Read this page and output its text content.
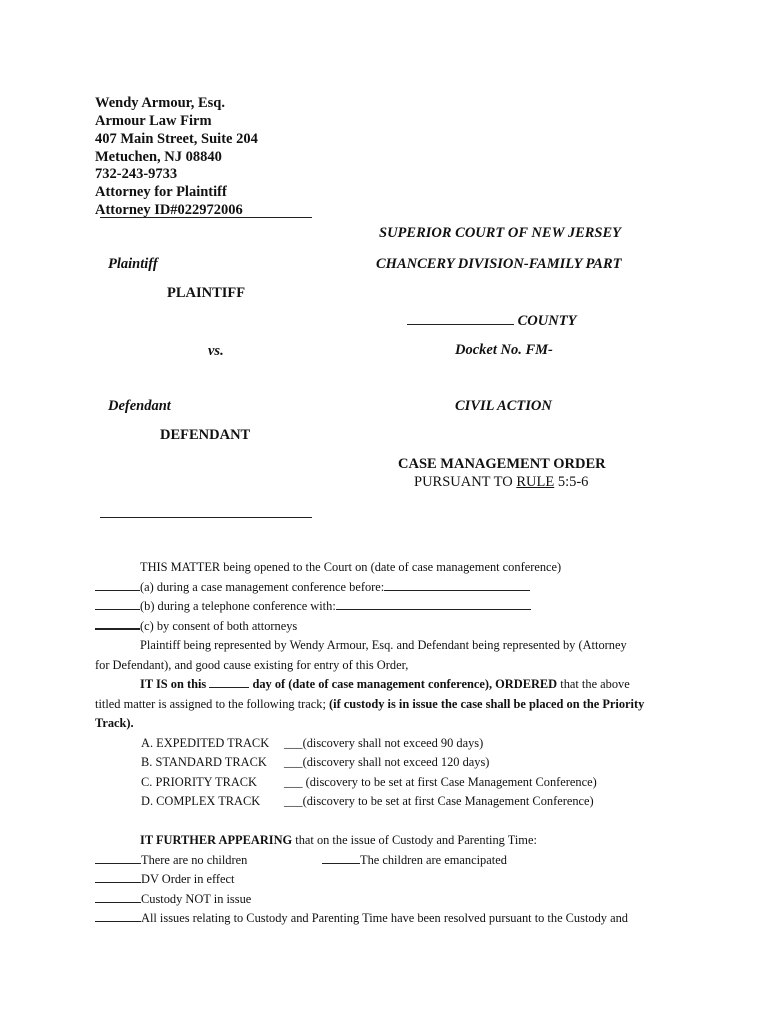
Wendy Armour, Esq.
Armour Law Firm
407 Main Street, Suite 204
Metuchen, NJ 08840
732-243-9733
Attorney for Plaintiff
Attorney ID#022972006
SUPERIOR COURT OF NEW JERSEY
CHANCERY DIVISION-FAMILY PART
COUNTY
Docket No. FM-
CIVIL ACTION
Plaintiff
PLAINTIFF
vs.
Defendant
DEFENDANT
CASE MANAGEMENT ORDER
PURSUANT TO RULE 5:5-6
THIS MATTER being opened to the Court on (date of case management conference)
(a) during a case management conference before:
(b) during a telephone conference with:
(c) by consent of both attorneys
Plaintiff being represented by Wendy Armour, Esq. and Defendant being represented by (Attorney
for Defendant), and good cause existing for entry of this Order,
IT IS on this	day of (date of case management conference), ORDERED that the above
titled matter is assigned to the following track; (if custody is in issue the case shall be placed on the Priority
Track).
A. EXPEDITED TRACK ___(discovery shall not exceed 90 days)
B. STANDARD TRACK ___(discovery shall not exceed 120 days)
C. PRIORITY TRACK ___ (discovery to be set at first Case Management Conference)
D. COMPLEX TRACK ___(discovery to be set at first Case Management Conference)
IT FURTHER APPEARING that on the issue of Custody and Parenting Time:
There are no children	The children are emancipated
DV Order in effect
Custody NOT in issue
All issues relating to Custody and Parenting Time have been resolved pursuant to the Custody and
